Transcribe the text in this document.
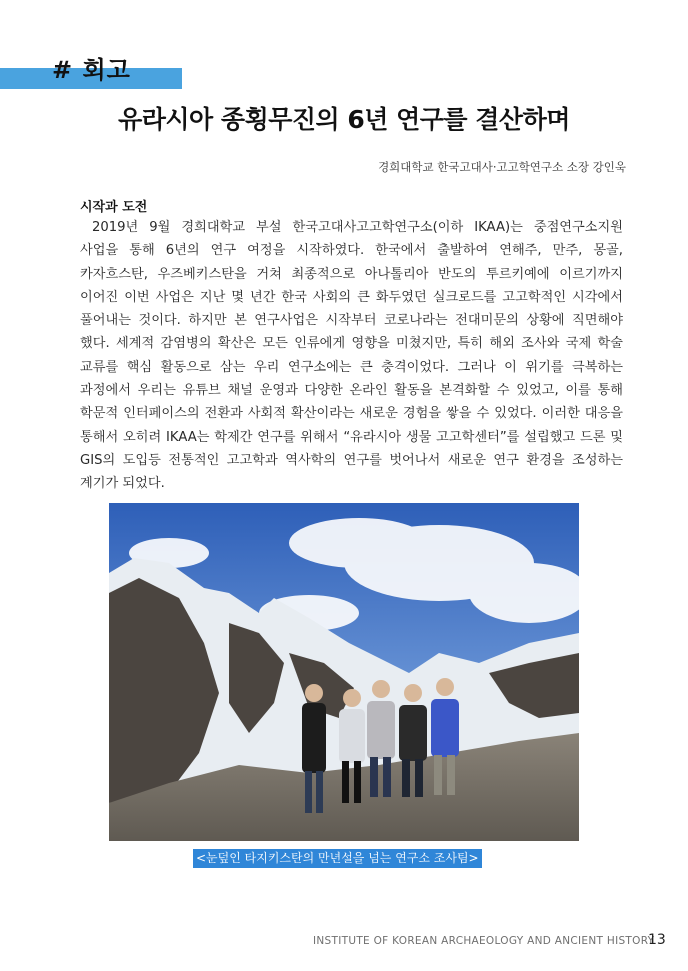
# 회고
유라시아 종횡무진의 6년 연구를 결산하며
경희대학교 한국고대사·고고학연구소 소장 강인욱
시작과 도전
2019년 9월 경희대학교 부설 한국고대사고고학연구소(이하 IKAA)는 중점연구소지원 사업을 통해 6년의 연구 여정을 시작하였다. 한국에서 출발하여 연해주, 만주, 몽골, 카자흐스탄, 우즈베키스탄을 거쳐 최종적으로 아나톨리아 반도의 투르키예에 이르기까지 이어진 이번 사업은 지난 몇 년간 한국 사회의 큰 화두였던 실크로드를 고고학적인 시각에서 풀어내는 것이다. 하지만 본 연구사업은 시작부터 코로나라는 전대미문의 상황에 직면해야 했다. 세계적 감염병의 확산은 모든 인류에게 영향을 미쳤지만, 특히 해외 조사와 국제 학술 교류를 핵심 활동으로 삼는 우리 연구소에는 큰 충격이었다. 그러나 이 위기를 극복하는 과정에서 우리는 유튜브 채널 운영과 다양한 온라인 활동을 본격화할 수 있었고, 이를 통해 학문적 인터페이스의 전환과 사회적 확산이라는 새로운 경험을 쌓을 수 있었다. 이러한 대응을 통해서 오히려 IKAA는 학제간 연구를 위해서 “유라시아 생물 고고학센터”를 설립했고 드론 및 GIS의 도입등 전통적인 고고학과 역사학의 연구를 벗어나서 새로운 연구 환경을 조성하는 계기가 되었다.
<눈덮인 타지키스탄의 만년설을 넘는 연구소 조사팀>
INSTITUTE OF KOREAN ARCHAEOLOGY AND ANCIENT HISTORY
13
